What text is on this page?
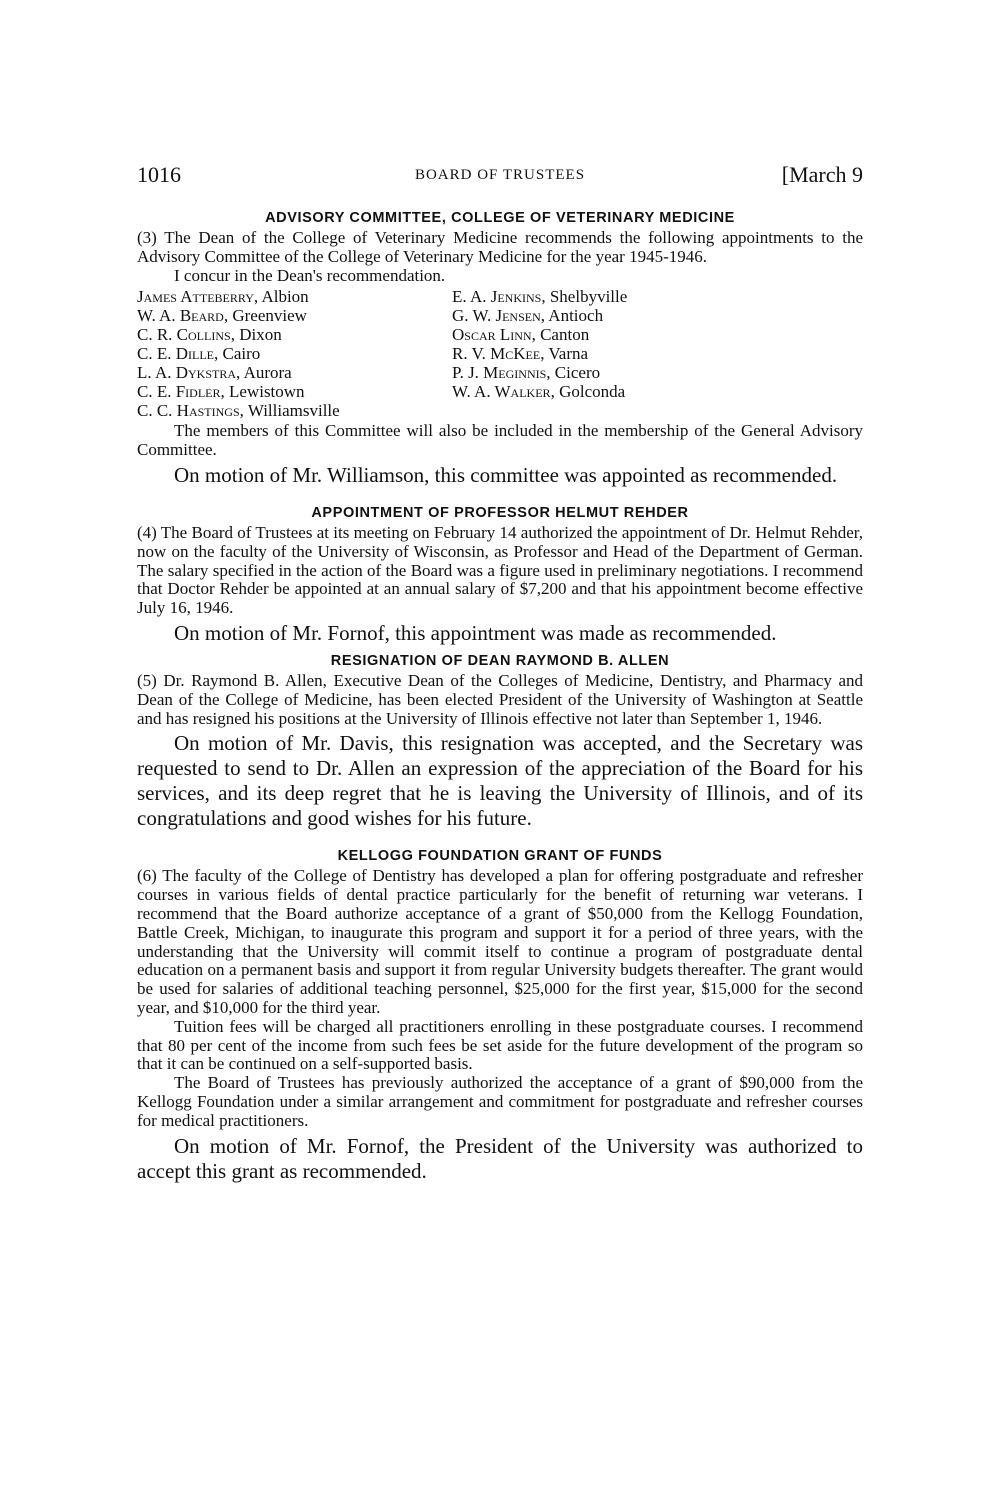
1016	BOARD OF TRUSTEES	[March 9
ADVISORY COMMITTEE, COLLEGE OF VETERINARY MEDICINE

(3) The Dean of the College of Veterinary Medicine recommends the following appointments to the Advisory Committee of the College of Veterinary Medicine for the year 1945-1946.

I concur in the Dean's recommendation.

James Atteberry, Albion
W. A. Beard, Greenview
C. R. Collins, Dixon
C. E. Dille, Cairo
L. A. Dykstra, Aurora
C. E. Fidler, Lewistown
C. C. Hastings, Williamsville
E. A. Jenkins, Shelbyville
G. W. Jensen, Antioch
Oscar Linn, Canton
R. V. McKee, Varna
P. J. Meginnis, Cicero
W. A. Walker, Golconda

The members of this Committee will also be included in the membership of the General Advisory Committee.

On motion of Mr. Williamson, this committee was appointed as recommended.

APPOINTMENT OF PROFESSOR HELMUT REHDER

(4) The Board of Trustees at its meeting on February 14 authorized the appointment of Dr. Helmut Rehder, now on the faculty of the University of Wisconsin, as Professor and Head of the Department of German. The salary specified in the action of the Board was a figure used in preliminary negotiations. I recommend that Doctor Rehder be appointed at an annual salary of $7,200 and that his appointment become effective July 16, 1946.

On motion of Mr. Fornof, this appointment was made as recommended.

RESIGNATION OF DEAN RAYMOND B. ALLEN

(5) Dr. Raymond B. Allen, Executive Dean of the Colleges of Medicine, Dentistry, and Pharmacy and Dean of the College of Medicine, has been elected President of the University of Washington at Seattle and has resigned his positions at the University of Illinois effective not later than September 1, 1946.

On motion of Mr. Davis, this resignation was accepted, and the Secretary was requested to send to Dr. Allen an expression of the appreciation of the Board for his services, and its deep regret that he is leaving the University of Illinois, and of its congratulations and good wishes for his future.

KELLOGG FOUNDATION GRANT OF FUNDS

(6) The faculty of the College of Dentistry has developed a plan for offering postgraduate and refresher courses in various fields of dental practice particularly for the benefit of returning war veterans. I recommend that the Board authorize acceptance of a grant of $50,000 from the Kellogg Foundation, Battle Creek, Michigan, to inaugurate this program and support it for a period of three years, with the understanding that the University will commit itself to continue a program of postgraduate dental education on a permanent basis and support it from regular University budgets thereafter. The grant would be used for salaries of additional teaching personnel, $25,000 for the first year, $15,000 for the second year, and $10,000 for the third year.

Tuition fees will be charged all practitioners enrolling in these postgraduate courses. I recommend that 80 per cent of the income from such fees be set aside for the future development of the program so that it can be continued on a self-supported basis.

The Board of Trustees has previously authorized the acceptance of a grant of $90,000 from the Kellogg Foundation under a similar arrangement and commitment for postgraduate and refresher courses for medical practitioners.

On motion of Mr. Fornof, the President of the University was authorized to accept this grant as recommended.
